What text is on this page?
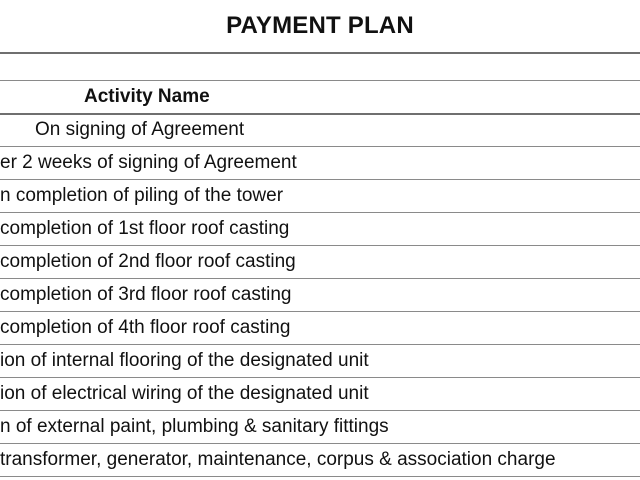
PAYMENT PLAN
Activity Name
On signing of Agreement
er 2 weeks of signing of Agreement
n completion of piling of the tower
completion of 1st floor roof casting
completion of 2nd floor roof casting
completion of 3rd floor roof casting
completion of 4th floor roof casting
ion of internal flooring of the designated unit
ion of electrical wiring of the designated unit
n of external paint, plumbing & sanitary fittings
transformer, generator, maintenance, corpus & association charge
